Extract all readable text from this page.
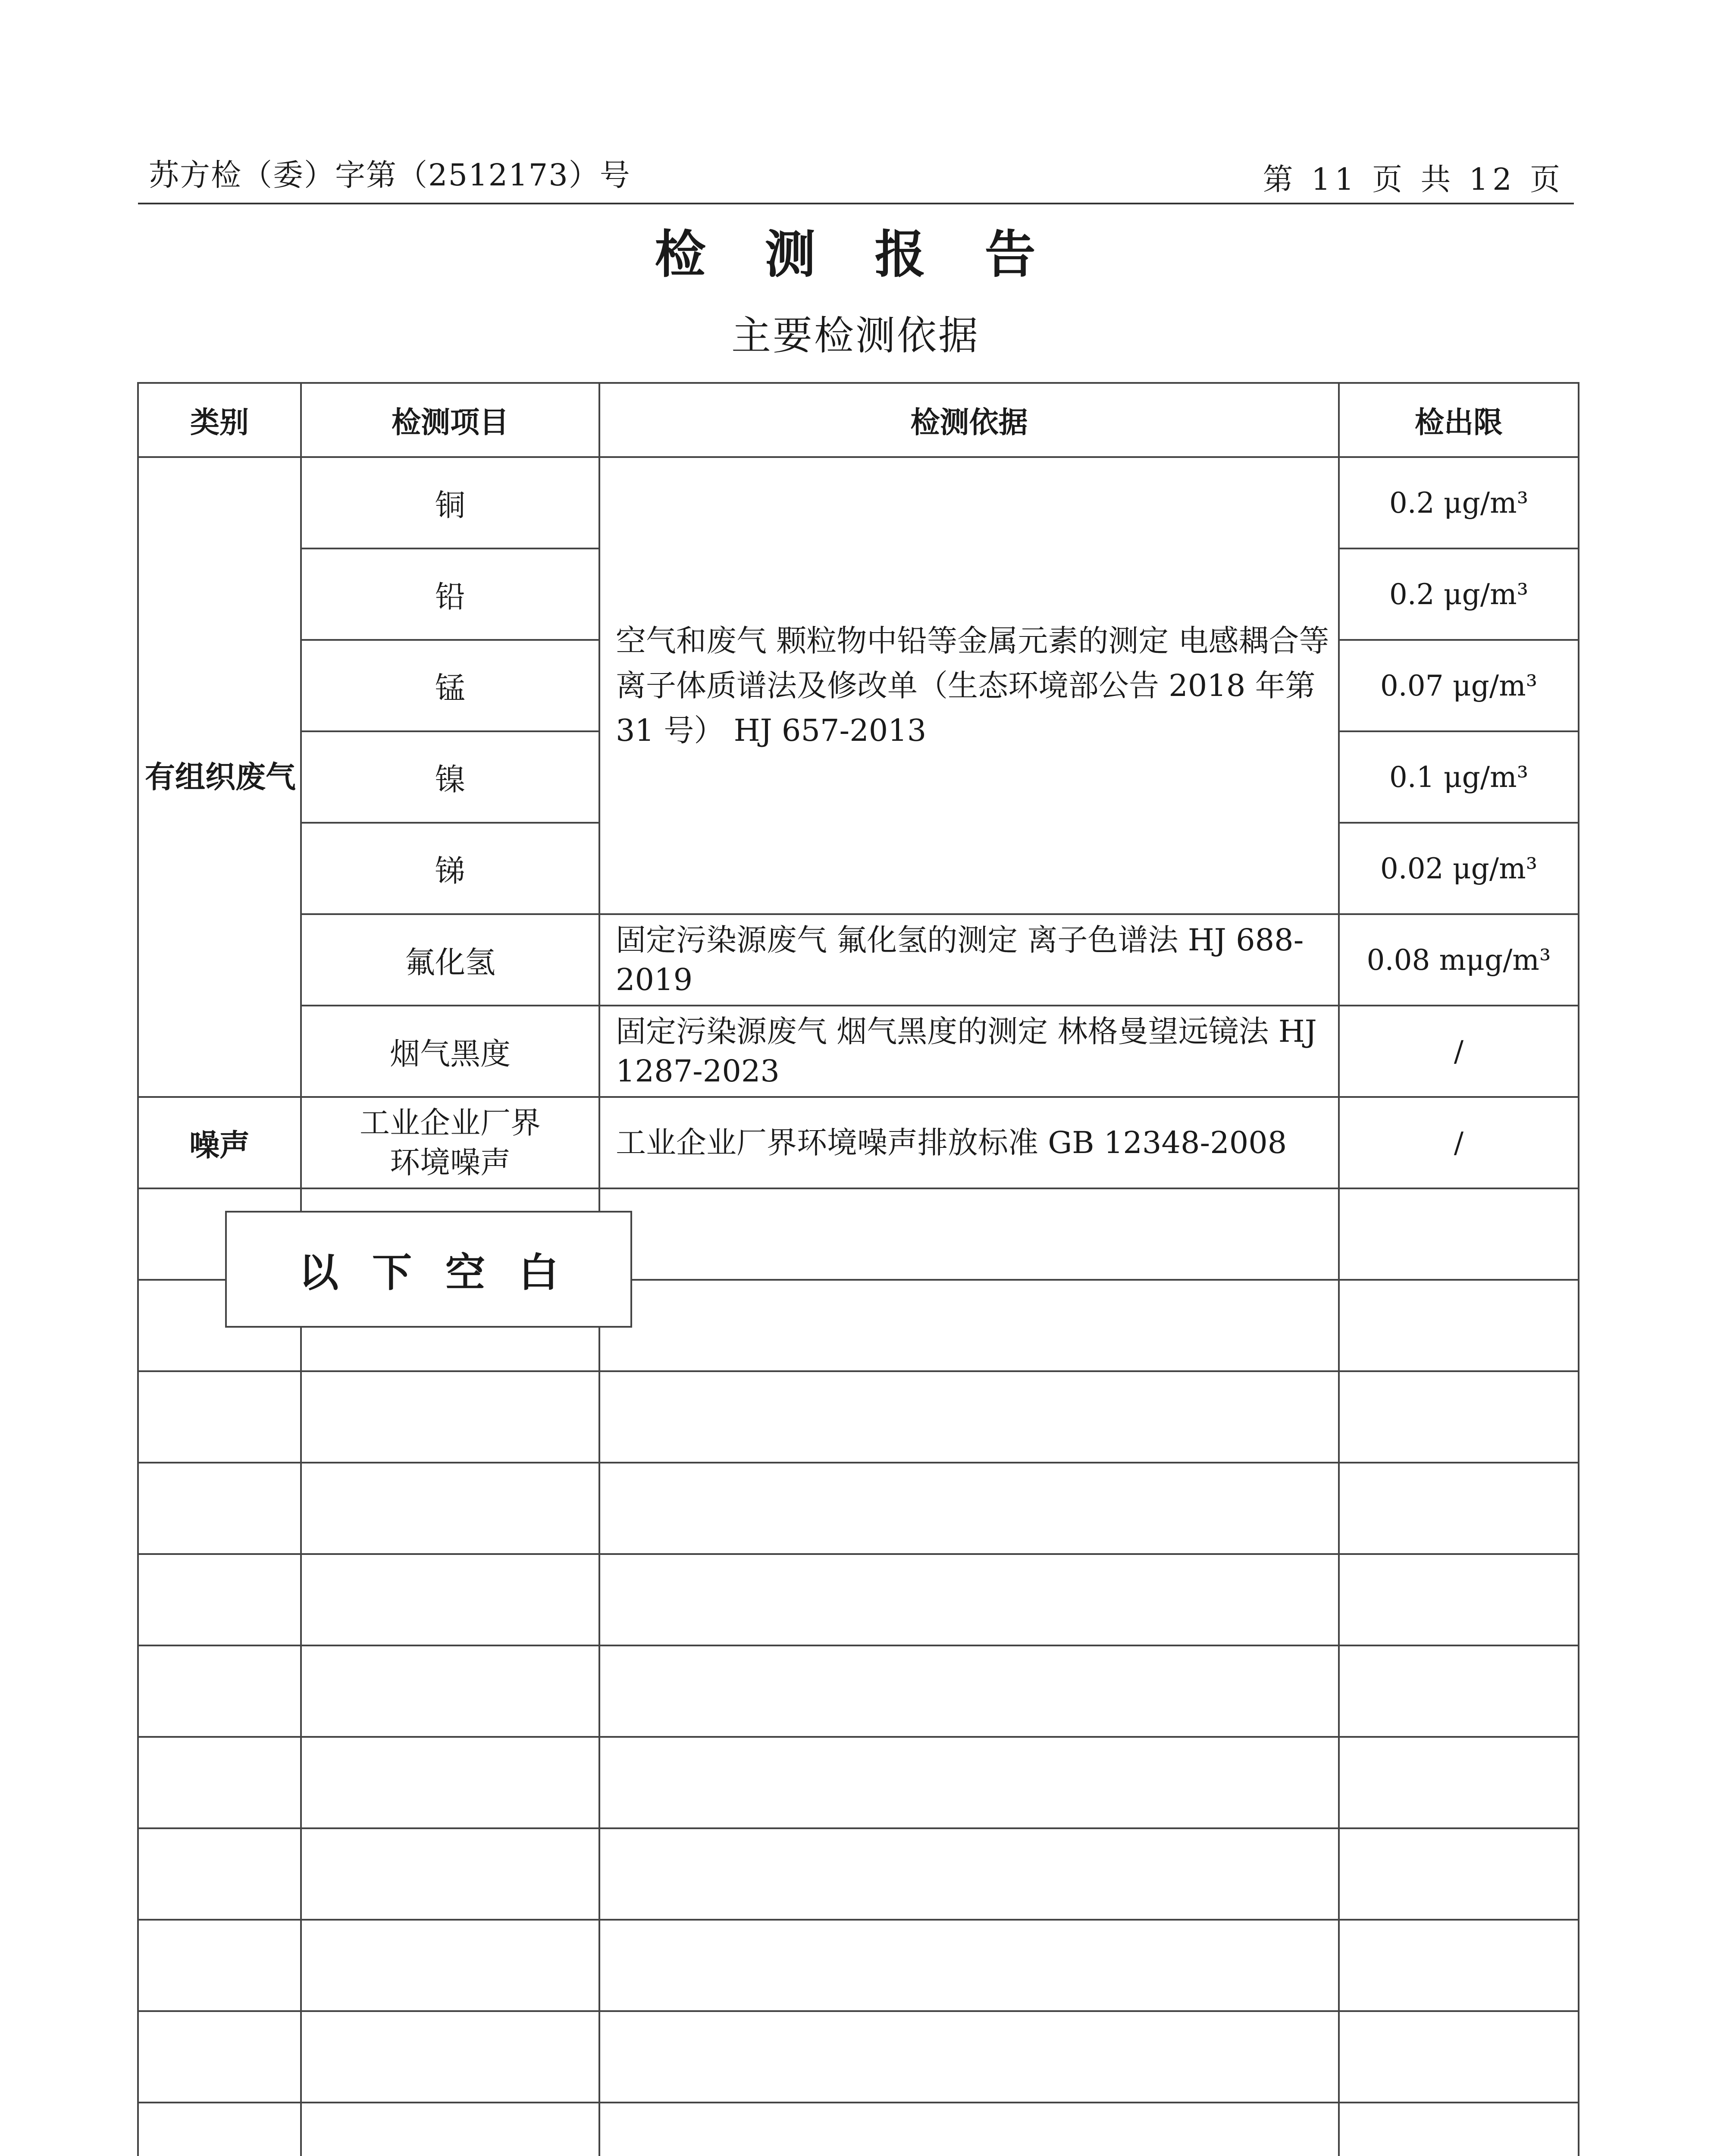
苏方检（委）字第（2512173）号	第 11 页 共 12 页
检 测 报 告
主要检测依据
类别	检测项目	检测依据	检出限
有组织废气	铜	空气和废气 颗粒物中铅等金属元素的测定 电感耦合等离子体质谱法及修改单（生态环境部公告 2018 年第 31 号） HJ 657-2013	0.2 μg/m³
	铅		0.2 μg/m³
	锰		0.07 μg/m³
	镍		0.1 μg/m³
	锑		0.02 μg/m³
	氟化氢	固定污染源废气 氟化氢的测定 离子色谱法 HJ 688-2019	0.08 mμg/m³
	烟气黑度	固定污染源废气 烟气黑度的测定 林格曼望远镜法 HJ 1287-2023	/
噪声	工业企业厂界环境噪声	工业企业厂界环境噪声排放标准 GB 12348-2008	/

以下空白
